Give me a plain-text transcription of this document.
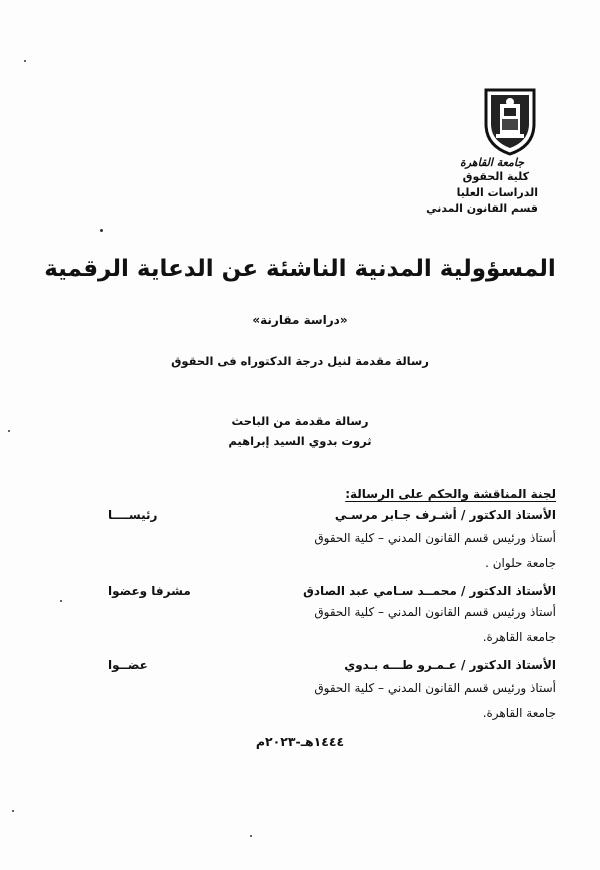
جامعة القاهرة
كلية الحقوق
الدراسات العليا
قسم القانون المدني
المسؤولية المدنية الناشئة عن الدعاية الرقمية
«دراسة مقارنة»
رسالة مقدمة لنيل درجة الدكتوراه فى الحقوق
رسالة مقدمة من الباحث
ثروت بدوي السيد إبراهيم
لجنة المناقشة والحكم على الرسالة:
الأستاذ الدكتور / أشـرف جـابر مرسـي
رئيســــا
أستاذ ورئيس قسم القانون المدني – كلية الحقوق
جامعة حلوان .
الأستاذ الدكتور / محمــد سـامي عبد الصادق
مشرفا وعضوا
أستاذ ورئيس قسم القانون المدني – كلية الحقوق
جامعة القاهرة.
الأستاذ الدكتور / عـمـرو طـــه بـدوي
عضــوا
أستاذ ورئيس قسم القانون المدني – كلية الحقوق
جامعة القاهرة.
١٤٤٤هـ-٢٠٢٣م
